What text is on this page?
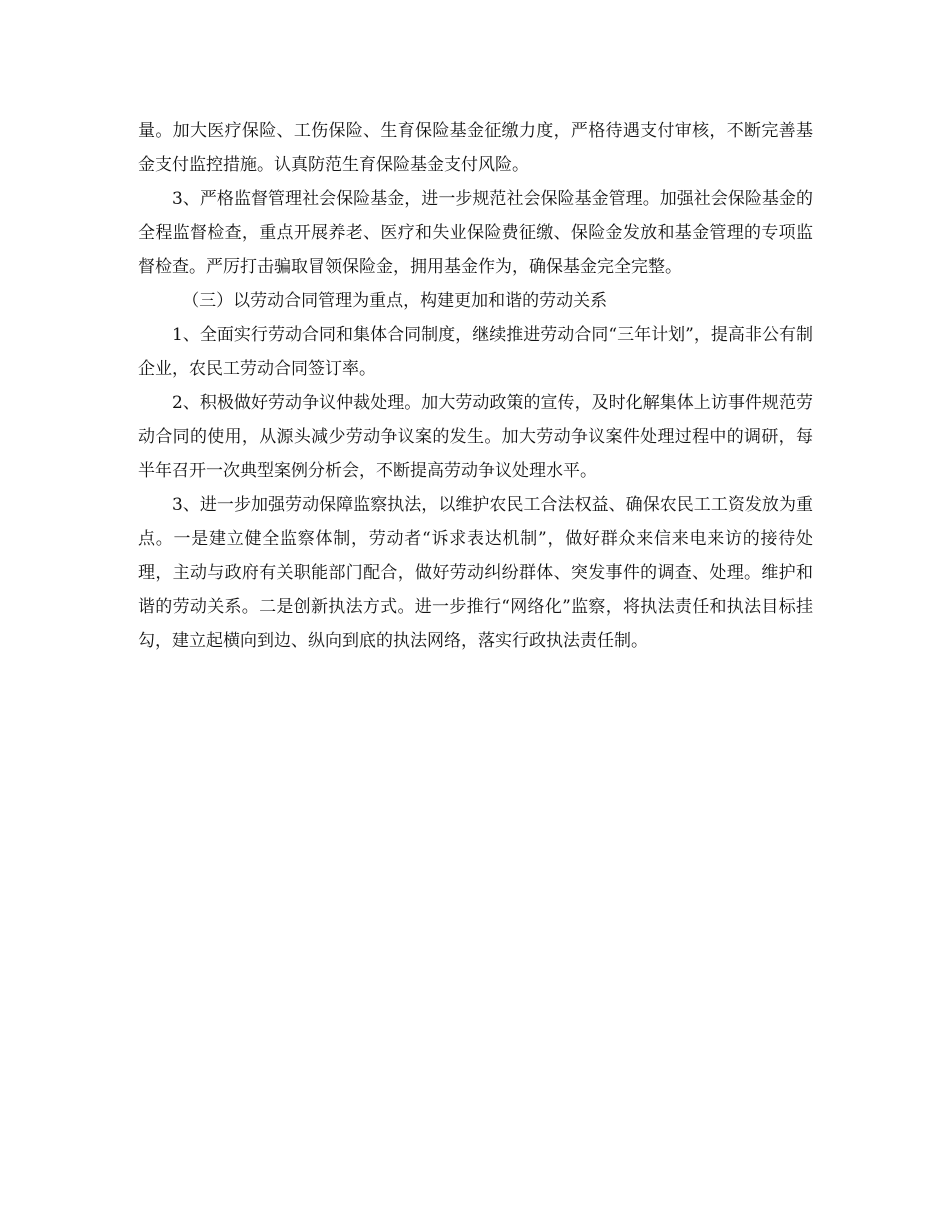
量。加大医疗保险、工伤保险、生育保险基金征缴力度，严格待遇支付审核，不断完善基金支付监控措施。认真防范生育保险基金支付风险。

3、严格监督管理社会保险基金，进一步规范社会保险基金管理。加强社会保险基金的全程监督检查，重点开展养老、医疗和失业保险费征缴、保险金发放和基金管理的专项监督检查。严厉打击骗取冒领保险金，拥用基金作为，确保基金完全完整。

（三）以劳动合同管理为重点，构建更加和谐的劳动关系

1、全面实行劳动合同和集体合同制度，继续推进劳动合同“三年计划”，提高非公有制企业，农民工劳动合同签订率。

2、积极做好劳动争议仲裁处理。加大劳动政策的宣传，及时化解集体上访事件规范劳动合同的使用，从源头减少劳动争议案的发生。加大劳动争议案件处理过程中的调研，每半年召开一次典型案例分析会，不断提高劳动争议处理水平。

3、进一步加强劳动保障监察执法，以维护农民工合法权益、确保农民工工资发放为重点。一是建立健全监察体制，劳动者“诉求表达机制”，做好群众来信来电来访的接待处理，主动与政府有关职能部门配合，做好劳动纠纷群体、突发事件的调查、处理。维护和谐的劳动关系。二是创新执法方式。进一步推行“网络化”监察，将执法责任和执法目标挂勾，建立起横向到边、纵向到底的执法网络，落实行政执法责任制。
